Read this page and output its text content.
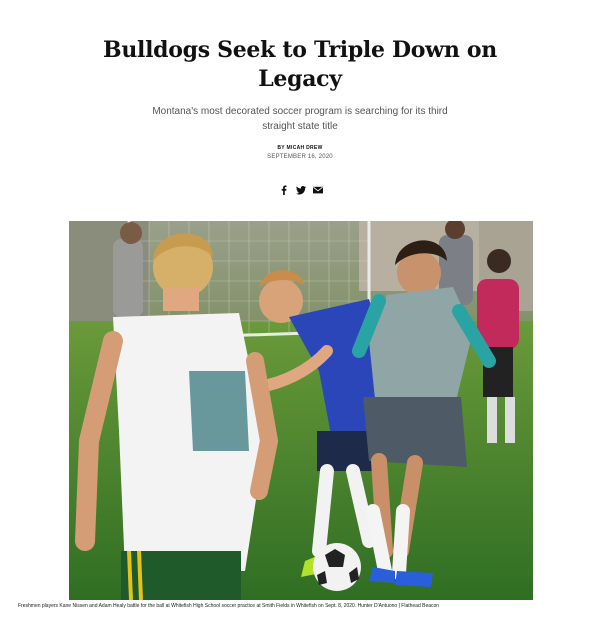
Bulldogs Seek to Triple Down on Legacy

Montana's most decorated soccer program is searching for its third straight state title

BY MICAH DREW
SEPTEMBER 16, 2020
Freshmen players Kane Nissen and Adam Healy battle for the ball at Whitefish High School soccer practice at Smith Fields in Whitefish on Sept. 8, 2020. Hunter D'Antuono | Flathead Beacon
